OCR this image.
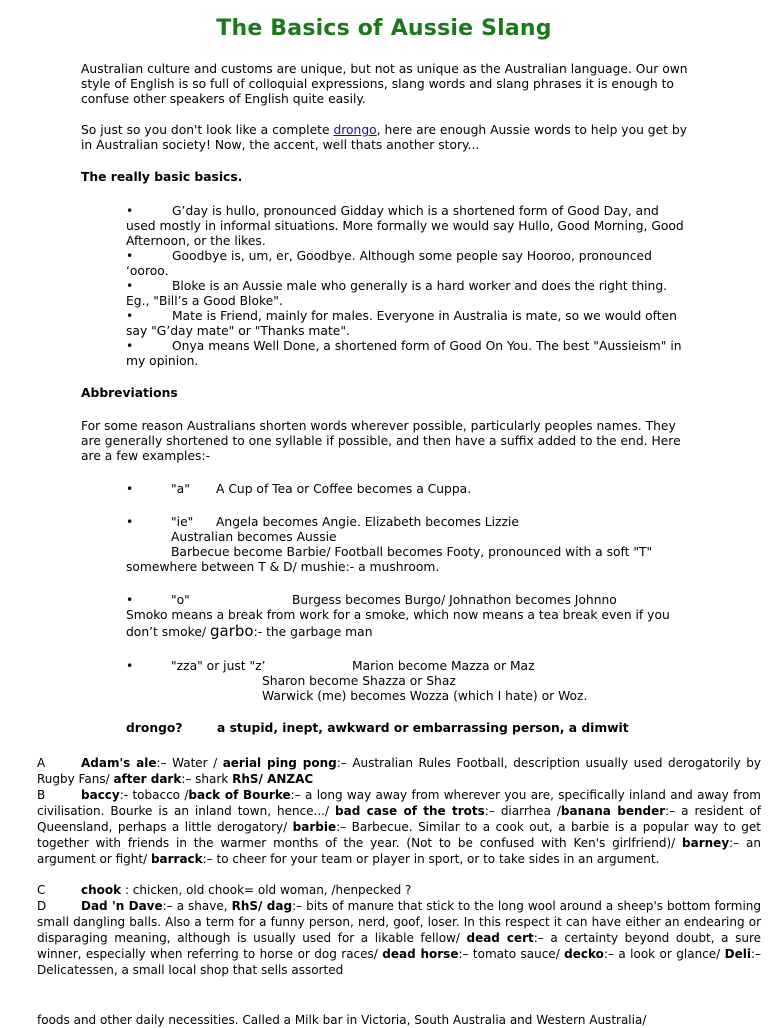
The Basics of Aussie Slang
Australian culture and customs are unique, but not as unique as the Australian language. Our own style of English is so full of colloquial expressions, slang words and slang phrases it is enough to confuse other speakers of English quite easily.
So just so you don't look like a complete drongo, here are enough Aussie words to help you get by in Australian society! Now, the accent, well thats another story...
The really basic basics.
•	G’day is hullo, pronounced Gidday which is a shortened form of Good Day, and used mostly in informal situations. More formally we would say Hullo, Good Morning, Good Afternoon, or the likes.
•	Goodbye is, um, er, Goodbye. Although some people say Hooroo, pronounced ‘ooroo.
•	Bloke is an Aussie male who generally is a hard worker and does the right thing. Eg., "Bill’s a Good Bloke".
•	Mate is Friend, mainly for males. Everyone in Australia is mate, so we would often say "G’day mate" or "Thanks mate".
•	Onya means Well Done, a shortened form of Good On You. The best "Aussieism" in my opinion.
Abbreviations
For some reason Australians shorten words wherever possible, particularly peoples names. They are generally shortened to one syllable if possible, and then have a suffix added to the end. Here are a few examples:-
•	"a" A Cup of Tea or Coffee becomes a Cuppa.
•	"ie" Angela becomes Angie. Elizabeth becomes Lizzie
Australian becomes Aussie
Barbecue become Barbie/ Football becomes Footy, pronounced with a soft "T"
somewhere between T & D/ mushie:- a mushroom.
•	"o"	Burgess becomes Burgo/ Johnathon becomes Johnno
Smoko means a break from work for a smoke, which now means a tea break even if you
don’t smoke/ garbo:- the garbage man
•	"zza" or just "z’	Marion become Mazza or Maz
Sharon become Shazza or Shaz
Warwick (me) becomes Wozza (which I hate) or Woz.
drongo?	a stupid, inept, awkward or embarrassing person, a dimwit
A	Adam's ale:– Water / aerial ping pong:– Australian Rules Football, description usually used derogatorily by Rugby Fans/ after dark:– shark RhS/ ANZAC
B	baccy:- tobacco /back of Bourke:– a long way away from wherever you are, specifically inland and away from civilisation. Bourke is an inland town, hence.../ bad case of the trots:– diarrhea /banana bender:– a resident of Queensland, perhaps a little derogatory/ barbie:– Barbecue. Similar to a cook out, a barbie is a popular way to get together with friends in the warmer months of the year. (Not to be confused with Ken's girlfriend)/ barney:– an argument or fight/ barrack:– to cheer for your team or player in sport, or to take sides in an argument.
C	chook : chicken, old chook= old woman, /henpecked ?
D	Dad 'n Dave:– a shave, RhS/ dag:– bits of manure that stick to the long wool around a sheep's bottom forming small dangling balls. Also a term for a funny person, nerd, goof, loser. In this respect it can have either an endearing or disparaging meaning, although is usually used for a likable fellow/ dead cert:– a certainty beyond doubt, a sure winner, especially when referring to horse or dog races/ dead horse:– tomato sauce/ decko:– a look or glance/ Deli:– Delicatessen, a small local shop that sells assorted
foods and other daily necessities. Called a Milk bar in Victoria, South Australia and Western Australia/
